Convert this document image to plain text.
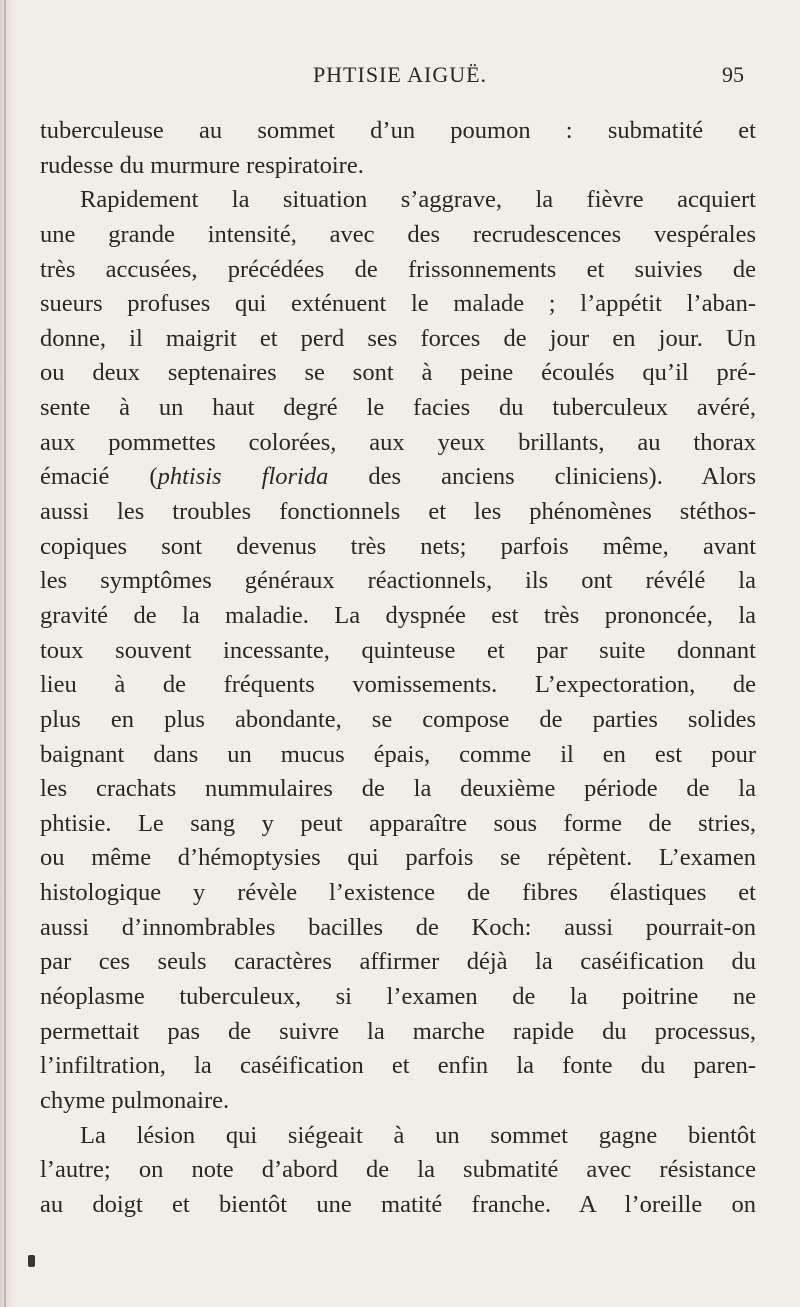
PHTISIE AIGUË.	95
tuberculeuse au sommet d’un poumon : submatité et
rudesse du murmure respiratoire.
Rapidement la situation s’aggrave, la fièvre acquiert
une grande intensité, avec des recrudescences vespérales
très accusées, précédées de frissonnements et suivies de
sueurs profuses qui exténuent le malade ; l’appétit l’aban-
donne, il maigrit et perd ses forces de jour en jour. Un
ou deux septenaires se sont à peine écoulés qu’il pré-
sente à un haut degré le facies du tuberculeux avéré,
aux pommettes colorées, aux yeux brillants, au thorax
émacié (phtisis florida des anciens cliniciens). Alors
aussi les troubles fonctionnels et les phénomènes stéthos-
copiques sont devenus très nets; parfois même, avant
les symptômes généraux réactionnels, ils ont révélé la
gravité de la maladie. La dyspnée est très prononcée, la
toux souvent incessante, quinteuse et par suite donnant
lieu à de fréquents vomissements. L’expectoration, de
plus en plus abondante, se compose de parties solides
baignant dans un mucus épais, comme il en est pour
les crachats nummulaires de la deuxième période de la
phtisie. Le sang y peut apparaître sous forme de stries,
ou même d’hémoptysies qui parfois se répètent. L’examen
histologique y révèle l’existence de fibres élastiques et
aussi d’innombrables bacilles de Koch: aussi pourrait-on
par ces seuls caractères affirmer déjà la caséification du
néoplasme tuberculeux, si l’examen de la poitrine ne
permettait pas de suivre la marche rapide du processus,
l’infiltration, la caséification et enfin la fonte du paren-
chyme pulmonaire.
La lésion qui siégeait à un sommet gagne bientôt
l’autre; on note d’abord de la submatité avec résistance
au doigt et bientôt une matité franche. A l’oreille on
